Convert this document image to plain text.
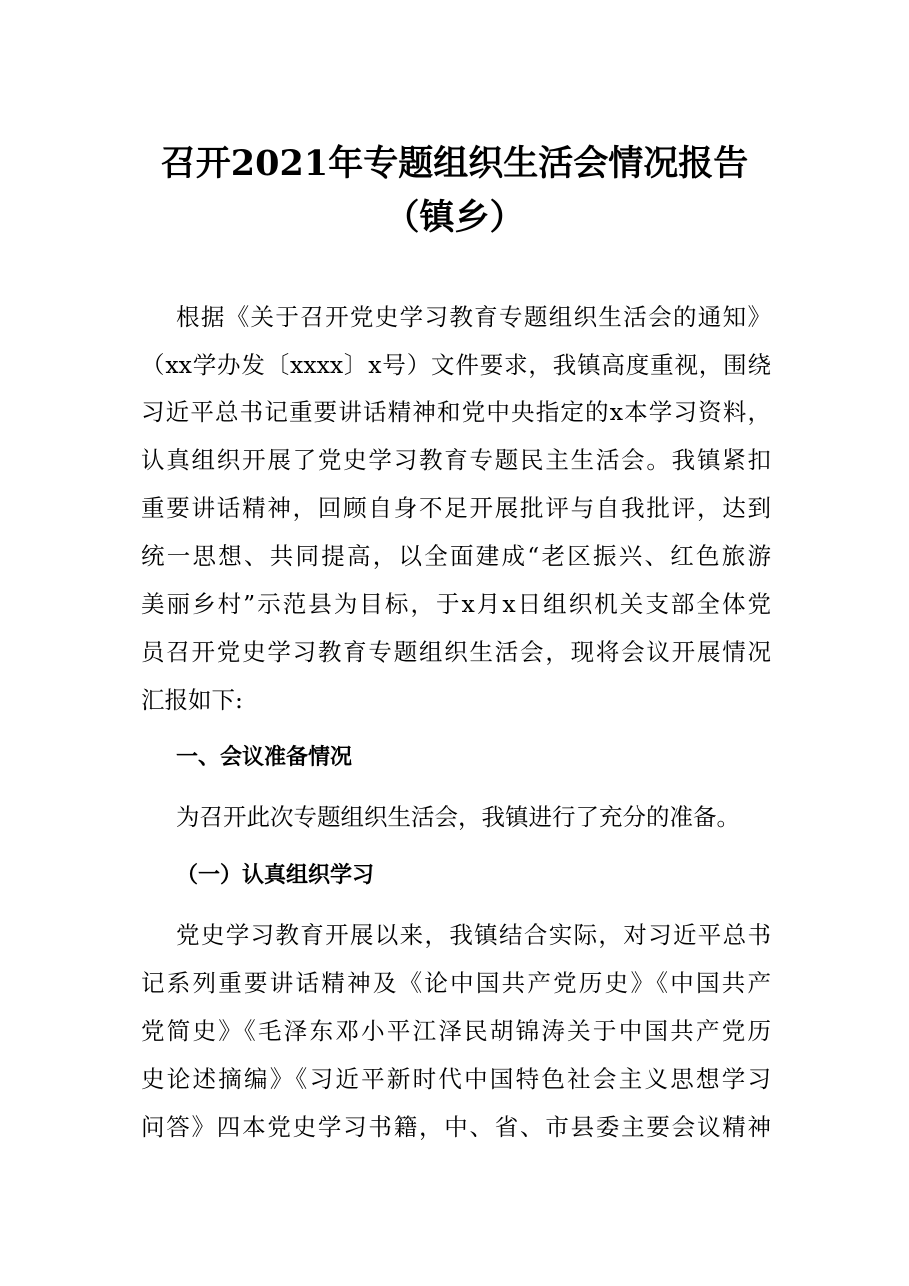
召开2021年专题组织生活会情况报告
（镇乡）
根据《关于召开党史学习教育专题组织生活会的通知》
（xx学办发〔xxxx〕x号）文件要求，我镇高度重视，围绕
习近平总书记重要讲话精神和党中央指定的x本学习资料，
认真组织开展了党史学习教育专题民主生活会。我镇紧扣
重要讲话精神，回顾自身不足开展批评与自我批评，达到
统一思想、共同提高，以全面建成“老区振兴、红色旅游
美丽乡村”示范县为目标，于x月x日组织机关支部全体党
员召开党史学习教育专题组织生活会，现将会议开展情况
汇报如下:
一、会议准备情况
为召开此次专题组织生活会，我镇进行了充分的准备。
（一）认真组织学习
党史学习教育开展以来，我镇结合实际，对习近平总书
记系列重要讲话精神及《论中国共产党历史》《中国共产
党简史》《毛泽东邓小平江泽民胡锦涛关于中国共产党历
史论述摘编》《习近平新时代中国特色社会主义思想学习
问答》四本党史学习书籍，中、省、市县委主要会议精神
